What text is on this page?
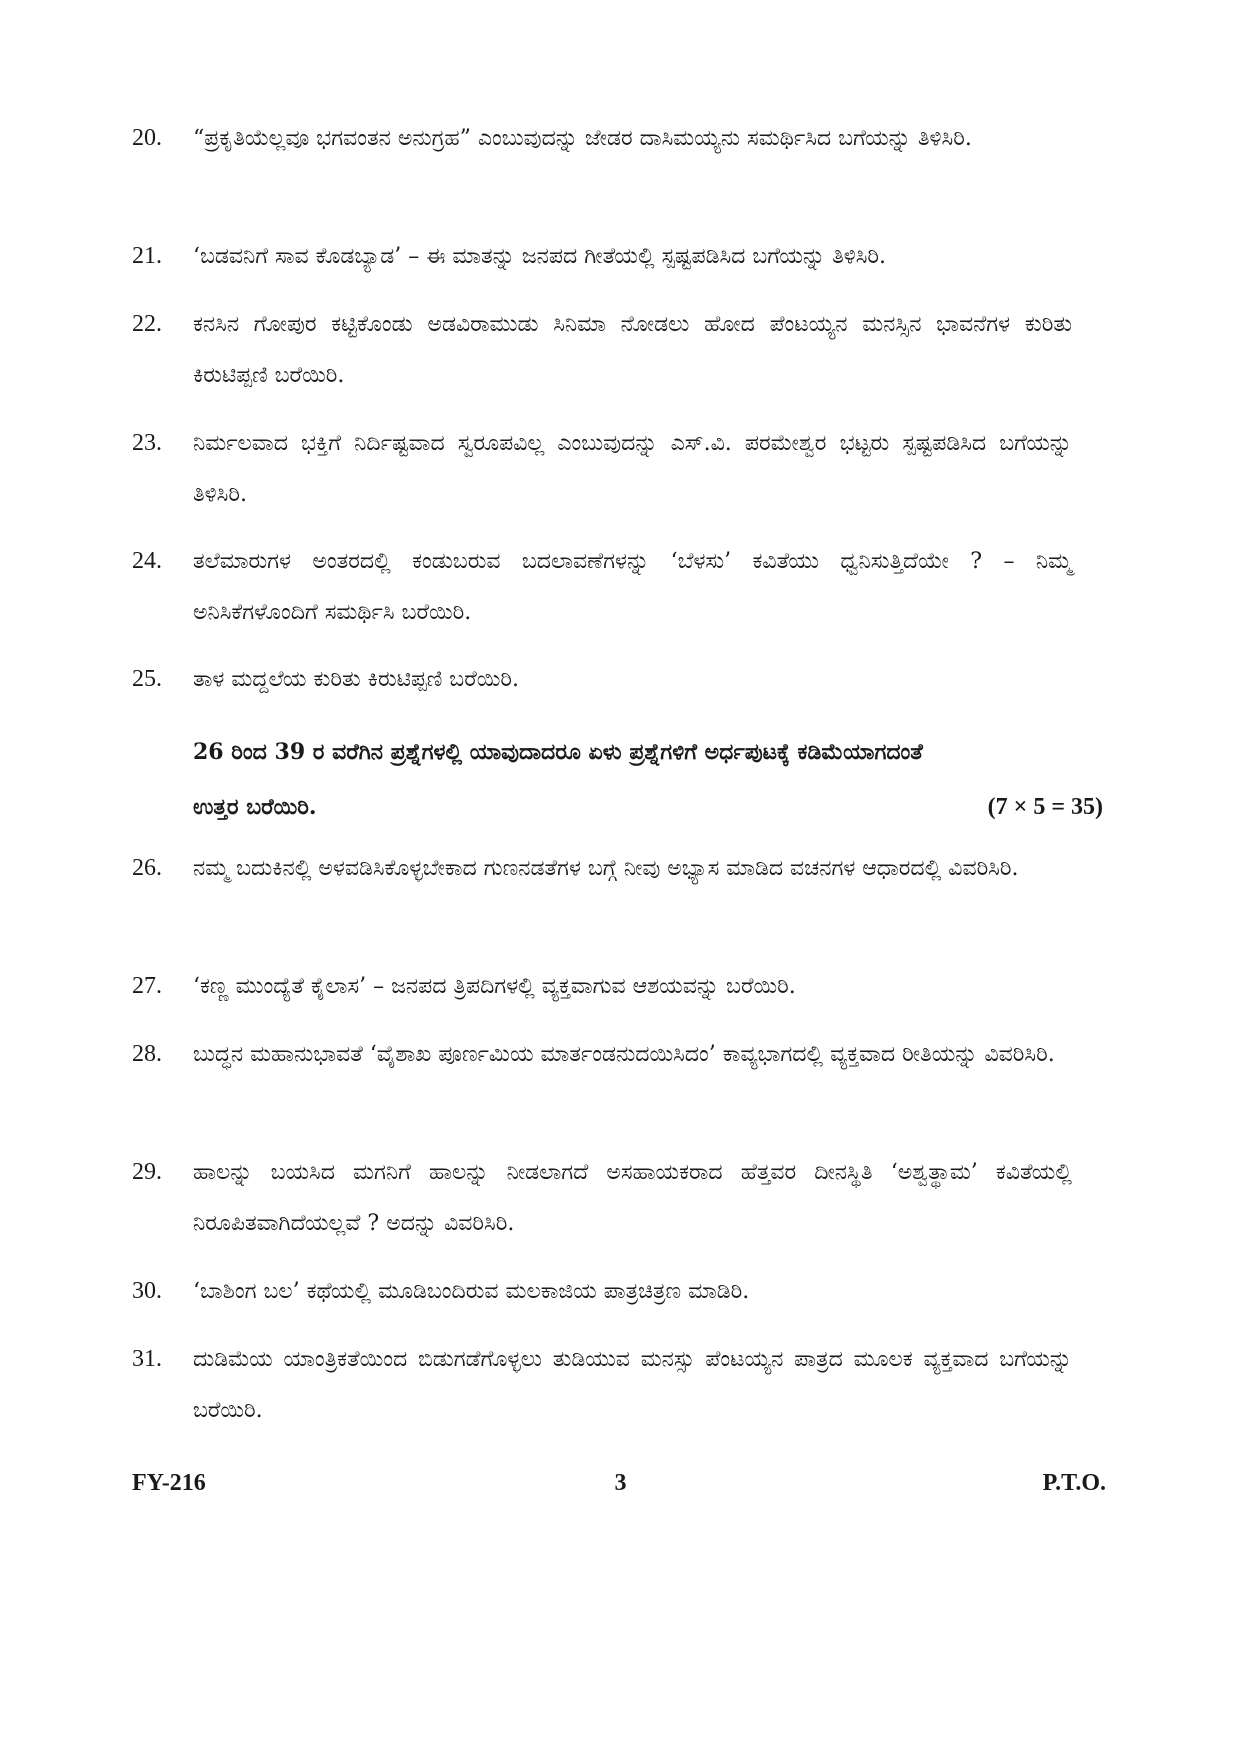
20.	“ಪ್ರಕೃತಿಯೆಲ್ಲವೂ ಭಗವಂತನ ಅನುಗ್ರಹ” ಎಂಬುವುದನ್ನು ಜೇಡರ ದಾಸಿಮಯ್ಯನು ಸಮರ್ಥಿಸಿದ ಬಗೆಯನ್ನು ತಿಳಿಸಿರಿ.
21.	‘ಬಡವನಿಗೆ ಸಾವ ಕೊಡಬ್ಯಾಡ’ – ಈ ಮಾತನ್ನು ಜನಪದ ಗೀತೆಯಲ್ಲಿ ಸ್ಪಷ್ಟಪಡಿಸಿದ ಬಗೆಯನ್ನು ತಿಳಿಸಿರಿ.
22.	ಕನಸಿನ ಗೋಪುರ ಕಟ್ಟಿಕೊಂಡು ಅಡವಿರಾಮುಡು ಸಿನಿಮಾ ನೋಡಲು ಹೋದ ಪೆಂಟಯ್ಯನ ಮನಸ್ಸಿನ ಭಾವನೆಗಳ ಕುರಿತು ಕಿರುಟಿಪ್ಪಣಿ ಬರೆಯಿರಿ.
23.	ನಿರ್ಮಲವಾದ ಭಕ್ತಿಗೆ ನಿರ್ದಿಷ್ಟವಾದ ಸ್ವರೂಪವಿಲ್ಲ ಎಂಬುವುದನ್ನು ಎಸ್.ವಿ. ಪರಮೇಶ್ವರ ಭಟ್ಟರು ಸ್ಪಷ್ಟಪಡಿಸಿದ ಬಗೆಯನ್ನು ತಿಳಿಸಿರಿ.
24.	ತಲೆಮಾರುಗಳ ಅಂತರದಲ್ಲಿ ಕಂಡುಬರುವ ಬದಲಾವಣೆಗಳನ್ನು ‘ಬೆಳಸು’ ಕವಿತೆಯು ಧ್ವನಿಸುತ್ತಿದೆಯೇ ? – ನಿಮ್ಮ ಅನಿಸಿಕೆಗಳೊಂದಿಗೆ ಸಮರ್ಥಿಸಿ ಬರೆಯಿರಿ.
25.	ತಾಳ ಮದ್ದಲೆಯ ಕುರಿತು ಕಿರುಟಿಪ್ಪಣಿ ಬರೆಯಿರಿ.
26 ರಿಂದ 39 ರ ವರೆಗಿನ ಪ್ರಶ್ನೆಗಳಲ್ಲಿ ಯಾವುದಾದರೂ ಏಳು ಪ್ರಶ್ನೆಗಳಿಗೆ ಅರ್ಧಪುಟಕ್ಕೆ ಕಡಿಮೆಯಾಗದಂತೆ ಉತ್ತರ ಬರೆಯಿರಿ.	(7 × 5 = 35)
26.	ನಮ್ಮ ಬದುಕಿನಲ್ಲಿ ಅಳವಡಿಸಿಕೊಳ್ಳಬೇಕಾದ ಗುಣನಡತೆಗಳ ಬಗ್ಗೆ ನೀವು ಅಭ್ಯಾಸ ಮಾಡಿದ ವಚನಗಳ ಆಧಾರದಲ್ಲಿ ವಿವರಿಸಿರಿ.
27.	‘ಕಣ್ಣ ಮುಂದ್ಯೆತೆ ಕೈಲಾಸ’ – ಜನಪದ ತ್ರಿಪದಿಗಳಲ್ಲಿ ವ್ಯಕ್ತವಾಗುವ ಆಶಯವನ್ನು ಬರೆಯಿರಿ.
28.	ಬುದ್ಧನ ಮಹಾನುಭಾವತೆ ‘ವೈಶಾಖ ಪೂರ್ಣಮಿಯ ಮಾರ್ತಂಡನುದಯಿಸಿದಂ’ ಕಾವ್ಯಭಾಗದಲ್ಲಿ ವ್ಯಕ್ತವಾದ ರೀತಿಯನ್ನು ವಿವರಿಸಿರಿ.
29.	ಹಾಲನ್ನು ಬಯಸಿದ ಮಗನಿಗೆ ಹಾಲನ್ನು ನೀಡಲಾಗದೆ ಅಸಹಾಯಕರಾದ ಹೆತ್ತವರ ದೀನಸ್ಥಿತಿ ‘ಅಶ್ವತ್ಥಾಮ’ ಕವಿತೆಯಲ್ಲಿ ನಿರೂಪಿತವಾಗಿದೆಯಲ್ಲವೆ ? ಅದನ್ನು ವಿವರಿಸಿರಿ.
30.	‘ಬಾಶಿಂಗ ಬಲ’ ಕಥೆಯಲ್ಲಿ ಮೂಡಿಬಂದಿರುವ ಮಲಕಾಜಿಯ ಪಾತ್ರಚಿತ್ರಣ ಮಾಡಿರಿ.
31.	ದುಡಿಮೆಯ ಯಾಂತ್ರಿಕತೆಯಿಂದ ಬಿಡುಗಡೆಗೊಳ್ಳಲು ತುಡಿಯುವ ಮನಸ್ಸು ಪೆಂಟಯ್ಯನ ಪಾತ್ರದ ಮೂಲಕ ವ್ಯಕ್ತವಾದ ಬಗೆಯನ್ನು ಬರೆಯಿರಿ.
FY-216	3	P.T.O.
